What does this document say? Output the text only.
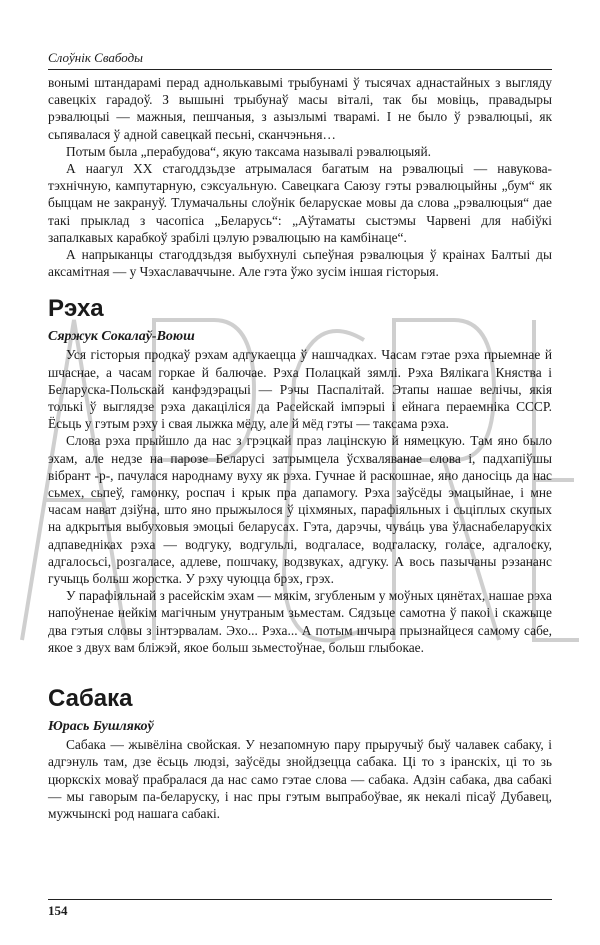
Слоўнік Свабоды

вонымі штандарамі перад аднолькавымі трыбунамі ў тысячах аднастайных з выгляду савецкіх гарадоў. З вышыні трыбунаў масы віталі, так бы мовіць, правадыры рэвалюцыі — мажныя, пешчаныя, з азызлымі тварамі. І не было ў рэвалюцыі, як сьпявалася ў адной савецкай песьні, сканчэньня…

Потым была „перабудова“, якую таксама называлі рэвалюцыяй.

А наагул XX стагоддзьдзе атрымалася багатым на рэвалюцыі — навукова-тэхнічную, кампутарную, сэксуальную. Савецкага Саюзу гэты рэвалюцыйны „бум“ як быццам не закрануў. Тлумачальны слоўнік беларускае мовы да слова „рэвалюцыя“ дае такі прыклад з часопіса „Беларусь“: „Аўтаматы сыстэмы Чарвені для набіўкі запалкавых карабкоў зрабілі цэлую рэвалюцыю на камбінаце“.

А напрыканцы стагоддзьдзя выбухнулі сьпеўная рэвалюцыя ў краінах Балтыі ды аксамітная — у Чэхаславаччыне. Але гэта ўжо зусім іншая гісторыя.

Рэха
Сяржук Сокалаў-Воюш

Уся гісторыя продкаў рэхам адгукаецца ў нашчадках. Часам гэтае рэха прыемнае й шчаснае, а часам горкае й балючае. Рэха Полацкай зямлі. Рэха Вялікага Княства і Беларуска-Польскай канфэдэрацыі — Рэчы Паспалітай. Этапы нашае велічы, якія толькі ў выглядзе рэха дакаціліся да Расейскай імпэрыі і ейнага пераемніка СССР. Ёсьць у гэтым рэху і свая лыжка мёду, але й мёд гэты — таксама рэха.

Слова рэха прыйшло да нас з грэцкай праз лацінскую й нямецкую. Там яно было эхам, але недзе на парозе Беларусі затрымцела ўсхваляванае слова і, падхапіўшы вібрант -р-, пачулася народнаму вуху як рэха. Гучнае й раскошнае, яно даносіць да нас сьмех, сьпеў, гамонку, роспач і крык пра дапамогу. Рэха заўсёды эмацыйнае, і мне часам нават дзіўна, што яно прыжылося ў ціхмяных, парафіяльных і сьціплых скупых на адкрытыя выбуховыя эмоцыі беларусах. Гэта, дарэчы, чувáць ува ўласнабеларускіх адпаведніках рэха — водгуку, водгульлі, водгаласе, водгаласку, голасе, адгалоску, адгалосьсі, розгаласе, адлеве, пошчаку, водзвуках, адгуку. А вось пазычаны рэзананс гучыць больш жорстка. У рэху чуюцца брэх, грэх.

У парафіяльнай з расейскім эхам — мякім, згубленым у моўных цянётах, нашае рэха напоўненае нейкім магічным унутраным зьместам. Сядзьце самотна ў пакоі і скажыце два гэтыя словы з інтэрвалам. Эхо... Рэха... А потым шчыра прызнайцеся самому сабе, якое з двух вам бліжэй, якое больш зьместоўнае, больш глыбокае.

Сабака
Юрась Бушлякоў

Сабака — жывёліна свойская. У незапомную пару прыручыў быў чалавек сабаку, і адгэнуль там, дзе ёсьць людзі, заўсёды знойдзецца сабака. Ці то з іранскіх, ці то зь цюркскіх моваў прабралася да нас само гэтае слова — сабака. Адзін сабака, два сабакі — мы гаворым па-беларуску, і нас пры гэтым выпрабоўвае, як некалі пісаў Дубавец, мужчынскі род нашага сабакі.

154
